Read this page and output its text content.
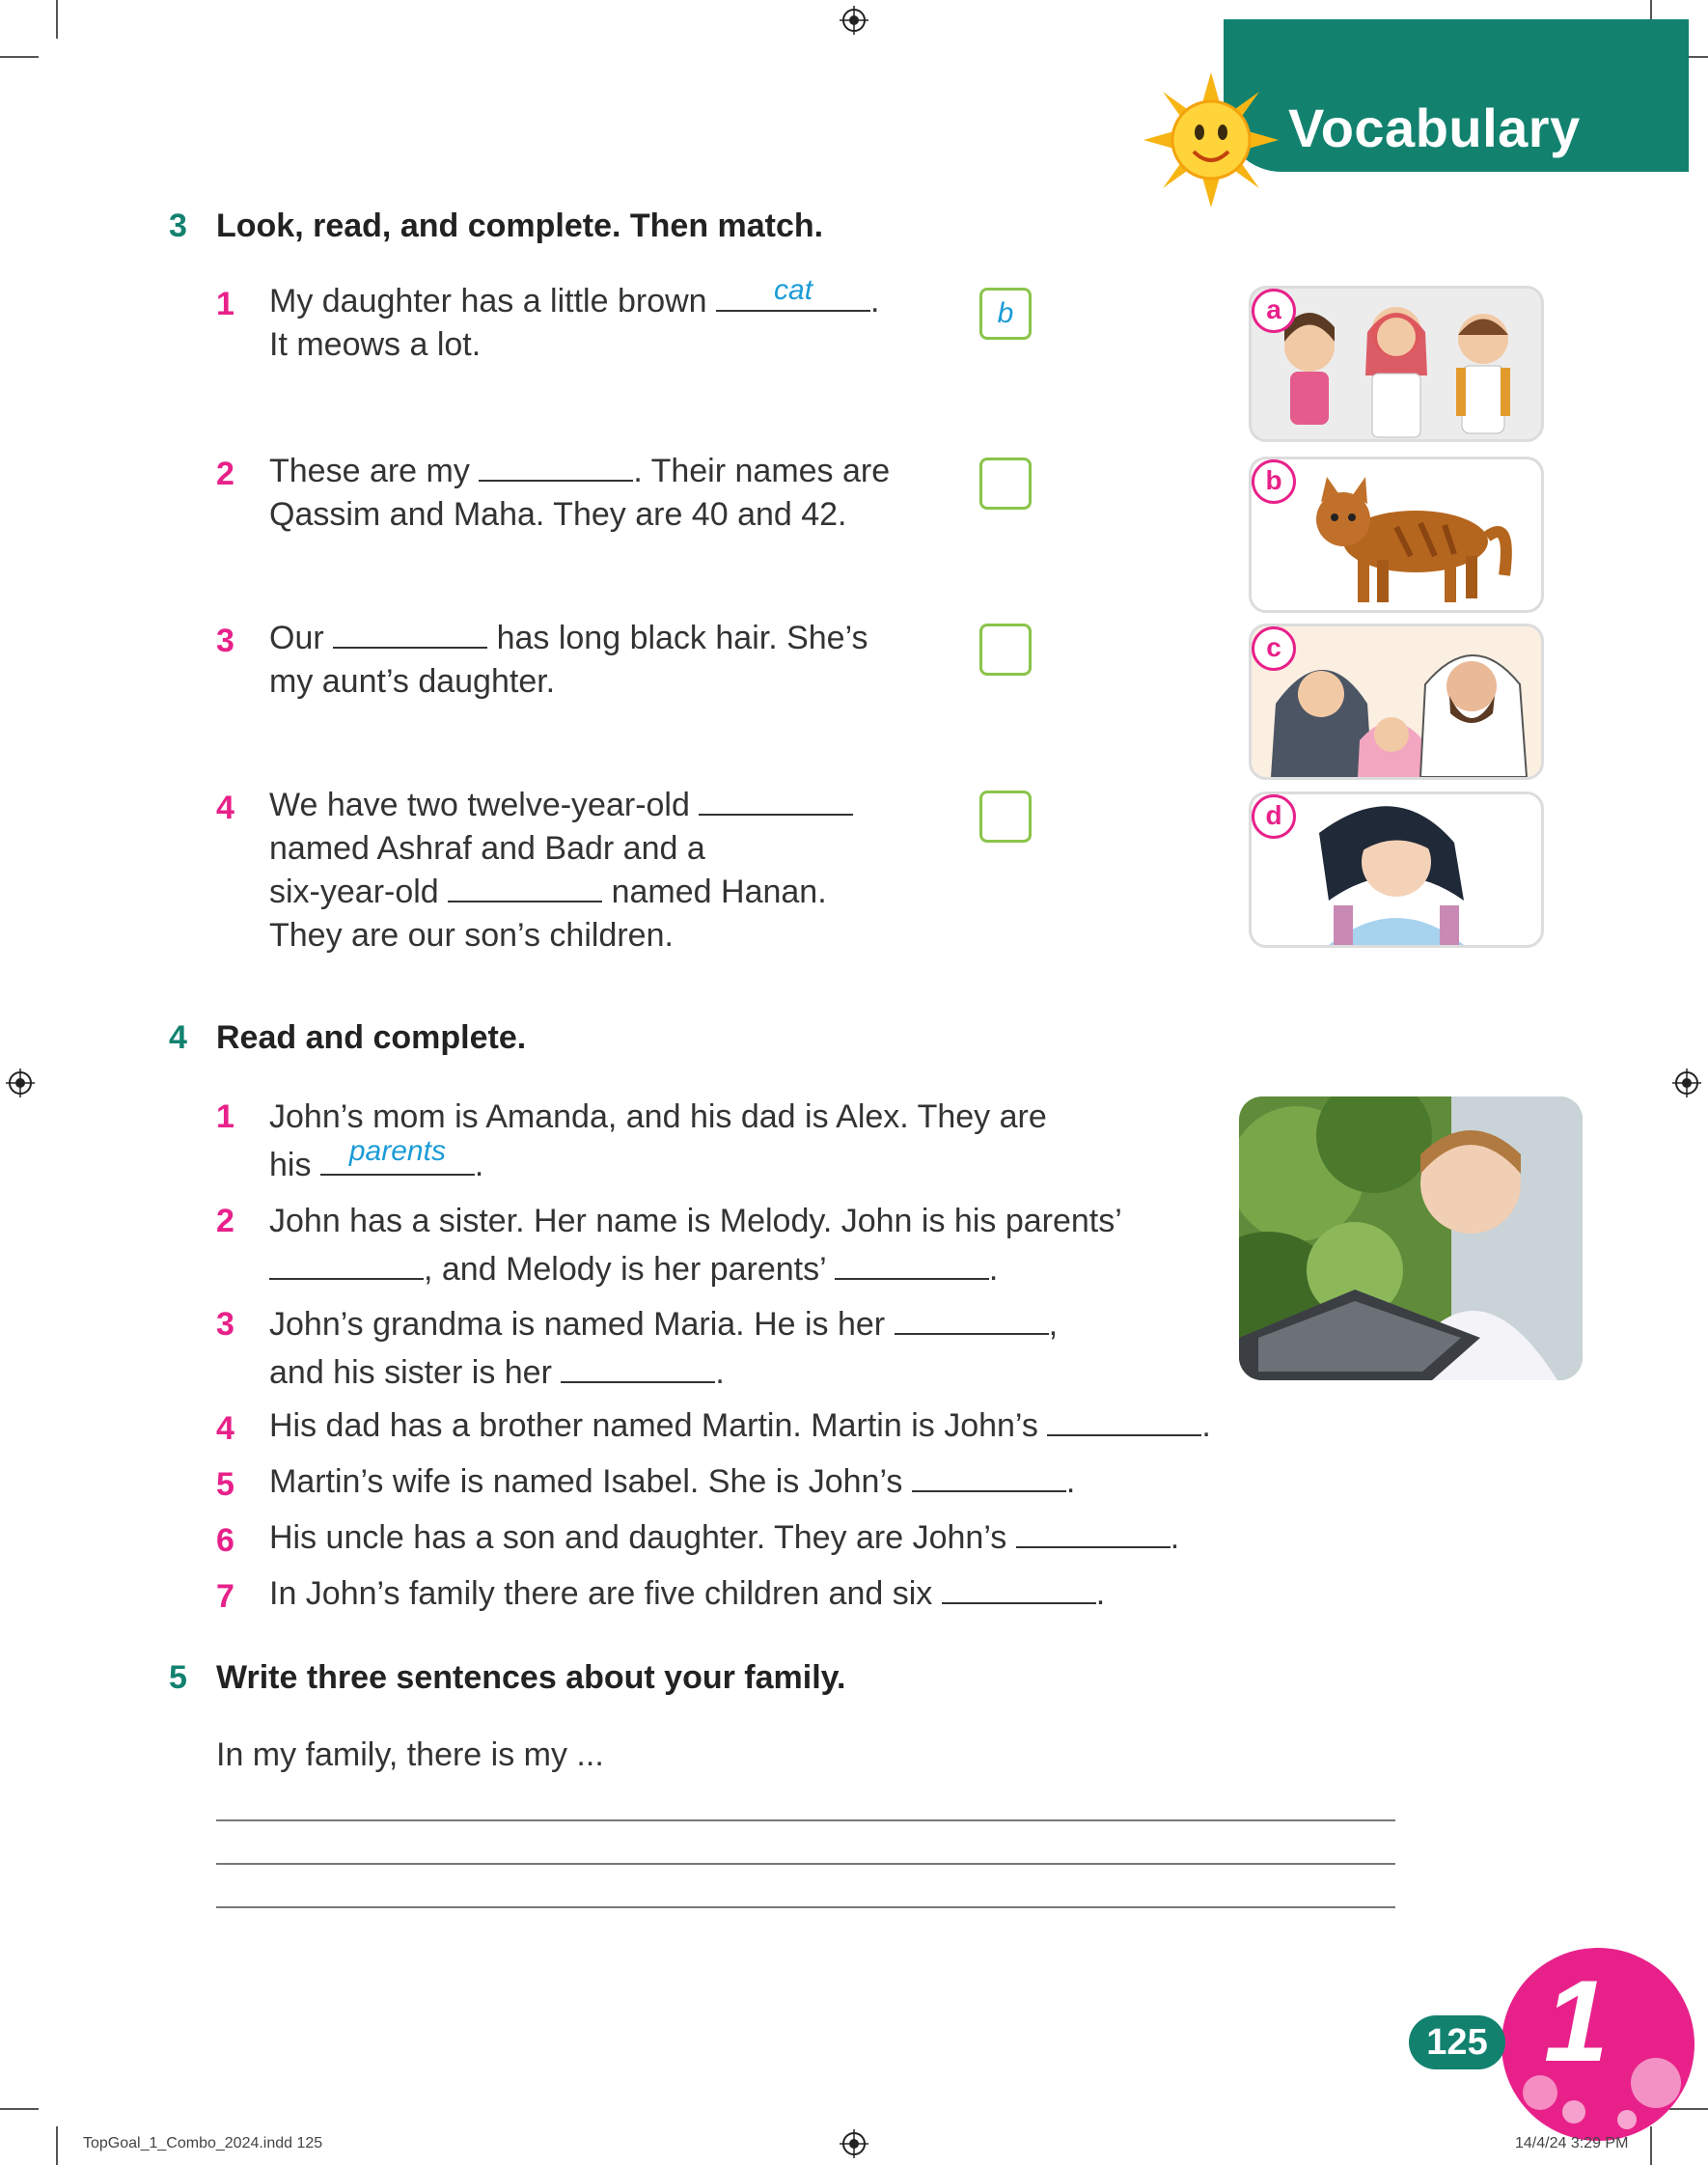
Vocabulary
3 Look, read, and complete. Then match.
1 My daughter has a little brown	cat	.
It meows a lot.
b
2 These are my	. Their names are
Qassim and Maha. They are 40 and 42.
3 Our	has long black hair. She’s
my aunt’s daughter.
4 We have two twelve-year-old
named Ashraf and Badr and a
six-year-old	named Hanan.
They are our son’s children.
a
b
c
d
4 Read and complete.
1 John’s mom is Amanda, and his dad is Alex. They are
his parents .
2 John has a sister. Her name is Melody. John is his parents’
, and Melody is her parents’	.
3 John’s grandma is named Maria. He is her	,
and his sister is her	.
4 His dad has a brother named Martin. Martin is John’s	.
5 Martin’s wife is named Isabel. She is John’s	.
6 His uncle has a son and daughter. They are John’s	.
7 In John’s family there are five children and six	.
5 Write three sentences about your family.
In my family, there is my ...
1
125
TopGoal_1_Combo_2024.indd 125	14/4/24 3:29 PM
